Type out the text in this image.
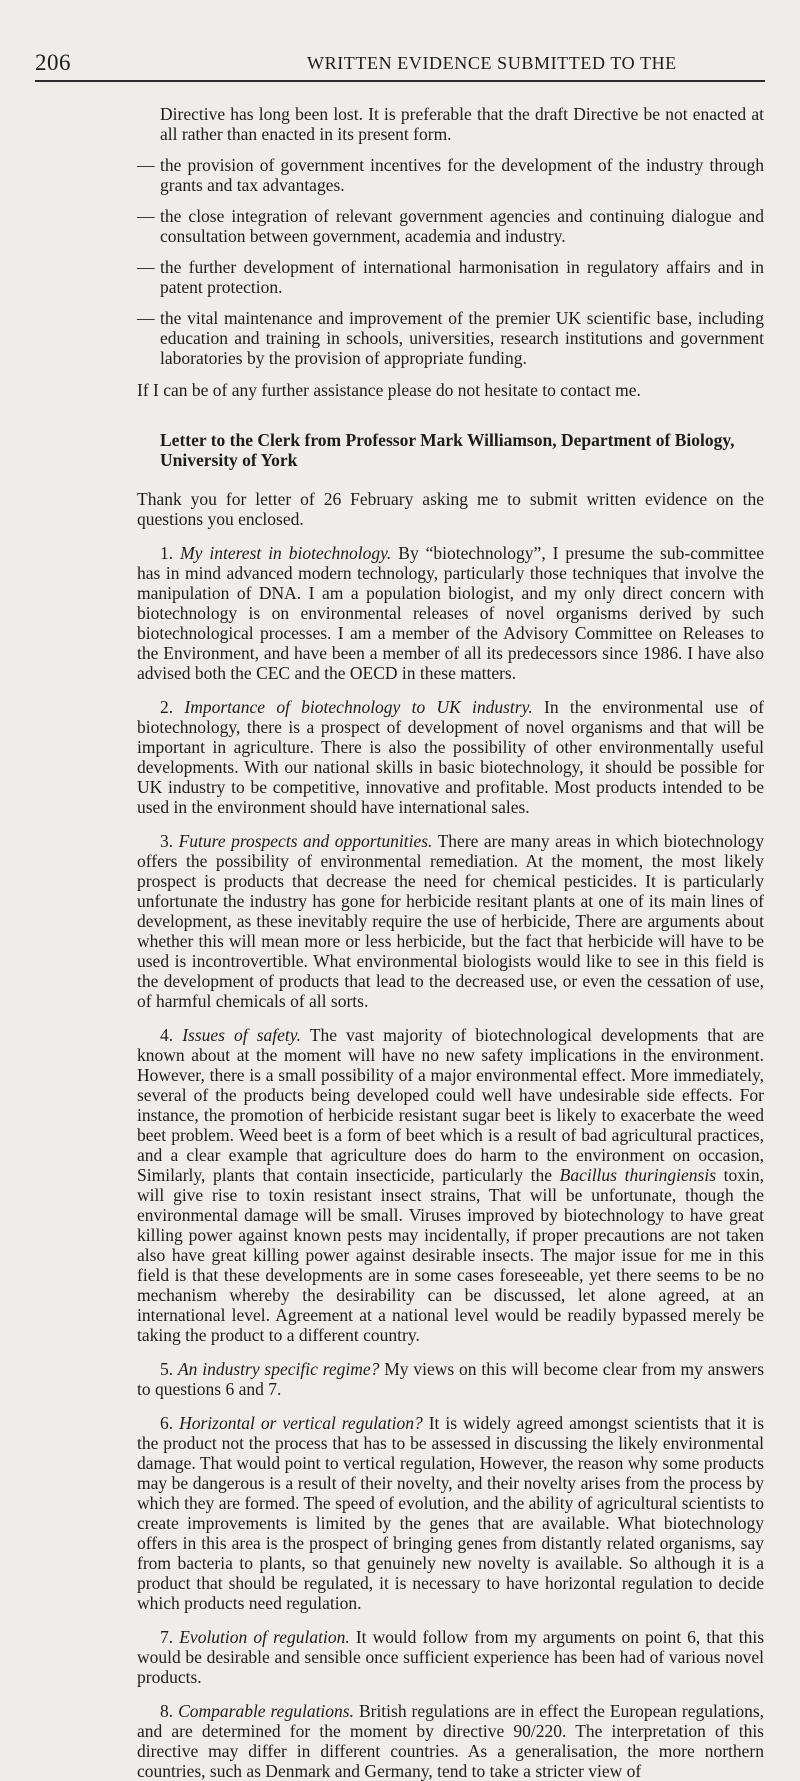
206	WRITTEN EVIDENCE SUBMITTED TO THE

Directive has long been lost. It is preferable that the draft Directive be not enacted at all rather than enacted in its present form.

— the provision of government incentives for the development of the industry through grants and tax advantages.

— the close integration of relevant government agencies and continuing dialogue and consultation between government, academia and industry.

— the further development of international harmonisation in regulatory affairs and in patent protection.

— the vital maintenance and improvement of the premier UK scientific base, including education and training in schools, universities, research institutions and government laboratories by the provision of appropriate funding.

If I can be of any further assistance please do not hesitate to contact me.

Letter to the Clerk from Professor Mark Williamson, Department of Biology, University of York

Thank you for letter of 26 February asking me to submit written evidence on the questions you enclosed.

1. My interest in biotechnology. By “biotechnology”, I presume the sub-committee has in mind advanced modern technology, particularly those techniques that involve the manipulation of DNA. I am a population biologist, and my only direct concern with biotechnology is on environmental releases of novel organisms derived by such biotechnological processes. I am a member of the Advisory Committee on Releases to the Environment, and have been a member of all its predecessors since 1986. I have also advised both the CEC and the OECD in these matters.

2. Importance of biotechnology to UK industry. In the environmental use of biotechnology, there is a prospect of development of novel organisms and that will be important in agriculture. There is also the possibility of other environmentally useful developments. With our national skills in basic biotechnology, it should be possible for UK industry to be competitive, innovative and profitable. Most products intended to be used in the environment should have international sales.

3. Future prospects and opportunities. There are many areas in which biotechnology offers the possibility of environmental remediation. At the moment, the most likely prospect is products that decrease the need for chemical pesticides. It is particularly unfortunate the industry has gone for herbicide resitant plants at one of its main lines of development, as these inevitably require the use of herbicide, There are arguments about whether this will mean more or less herbicide, but the fact that herbicide will have to be used is incontrovertible. What environmental biologists would like to see in this field is the development of products that lead to the decreased use, or even the cessation of use, of harmful chemicals of all sorts.

4. Issues of safety. The vast majority of biotechnological developments that are known about at the moment will have no new safety implications in the environment. However, there is a small possibility of a major environmental effect. More immediately, several of the products being developed could well have undesirable side effects. For instance, the promotion of herbicide resistant sugar beet is likely to exacerbate the weed beet problem. Weed beet is a form of beet which is a result of bad agricultural practices, and a clear example that agriculture does do harm to the environment on occasion, Similarly, plants that contain insecticide, particularly the Bacillus thuringiensis toxin, will give rise to toxin resistant insect strains, That will be unfortunate, though the environmental damage will be small. Viruses improved by biotechnology to have great killing power against known pests may incidentally, if proper precautions are not taken also have great killing power against desirable insects. The major issue for me in this field is that these developments are in some cases foreseeable, yet there seems to be no mechanism whereby the desirability can be discussed, let alone agreed, at an international level. Agreement at a national level would be readily bypassed merely be taking the product to a different country.

5. An industry specific regime? My views on this will become clear from my answers to questions 6 and 7.

6. Horizontal or vertical regulation? It is widely agreed amongst scientists that it is the product not the process that has to be assessed in discussing the likely environmental damage. That would point to vertical regulation, However, the reason why some products may be dangerous is a result of their novelty, and their novelty arises from the process by which they are formed. The speed of evolution, and the ability of agricultural scientists to create improvements is limited by the genes that are available. What biotechnology offers in this area is the prospect of bringing genes from distantly related organisms, say from bacteria to plants, so that genuinely new novelty is available. So although it is a product that should be regulated, it is necessary to have horizontal regulation to decide which products need regulation.

7. Evolution of regulation. It would follow from my arguments on point 6, that this would be desirable and sensible once sufficient experience has been had of various novel products.

8. Comparable regulations. British regulations are in effect the European regulations, and are determined for the moment by directive 90/220. The interpretation of this directive may differ in different countries. As a generalisation, the more northern countries, such as Denmark and Germany, tend to take a stricter view of
